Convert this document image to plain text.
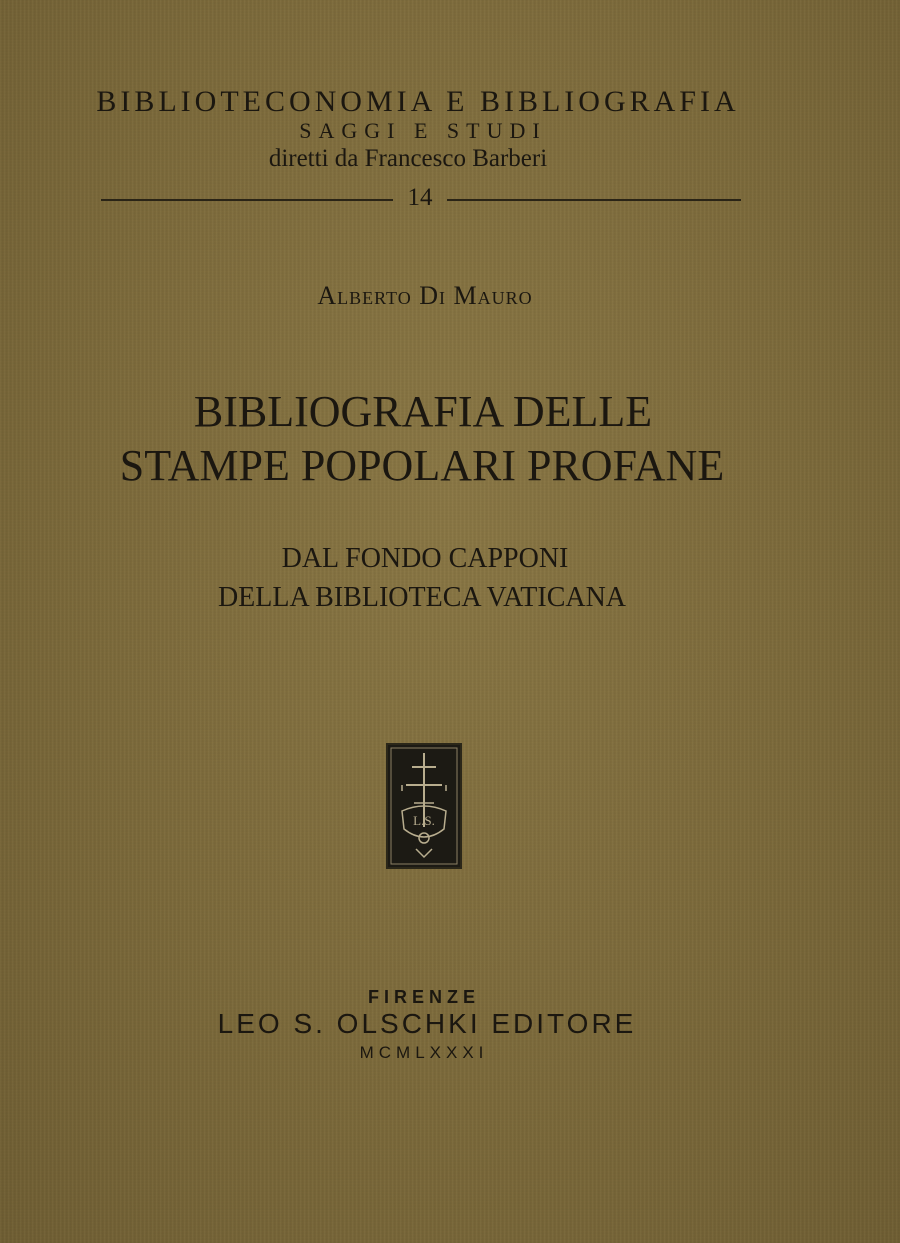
BIBLIOTECONOMIA E BIBLIOGRAFIA
SAGGI E STUDI
diretti da Francesco Barberi
14
Alberto Di Mauro
BIBLIOGRAFIA DELLE
STAMPE POPOLARI PROFANE
DAL FONDO CAPPONI
DELLA BIBLIOTECA VATICANA
L.S.
FIRENZE
LEO S. OLSCHKI EDITORE
MCMLXXXI
